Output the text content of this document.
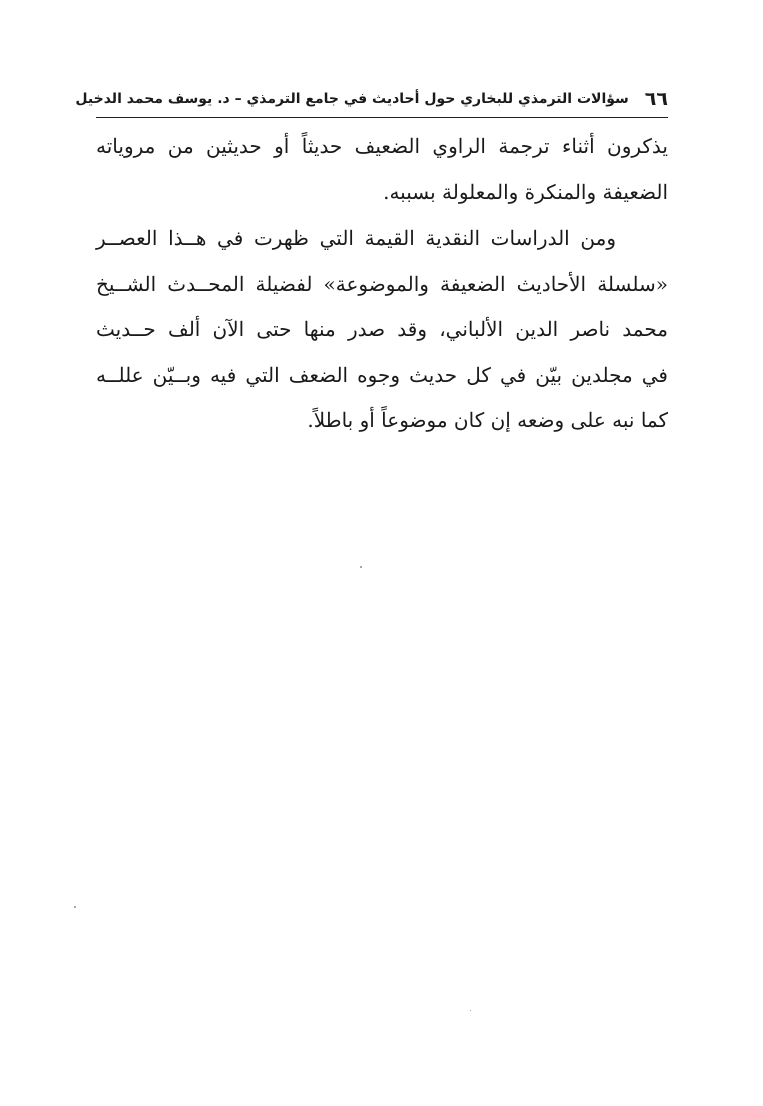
٦٦
سؤالات الترمذي للبخاري حول أحاديث في جامع الترمذي – د. يوسف محمد الدخيل
يذكرون أثناء ترجمة الراوي الضعيف حديثاً أو حديثين من مروياته
الضعيفة والمنكرة والمعلولة بسببه.
ومن الدراسات النقدية القيمة التي ظهرت في هــذا العصــر
«سلسلة الأحاديث الضعيفة والموضوعة» لفضيلة المحــدث الشــيخ
محمد ناصر الدين الألباني، وقد صدر منها حتى الآن ألف حــديث
في مجلدين بيّن في كل حديث وجوه الضعف التي فيه وبــيّن عللــه
كما نبه على وضعه إن كان موضوعاً أو باطلاً.
